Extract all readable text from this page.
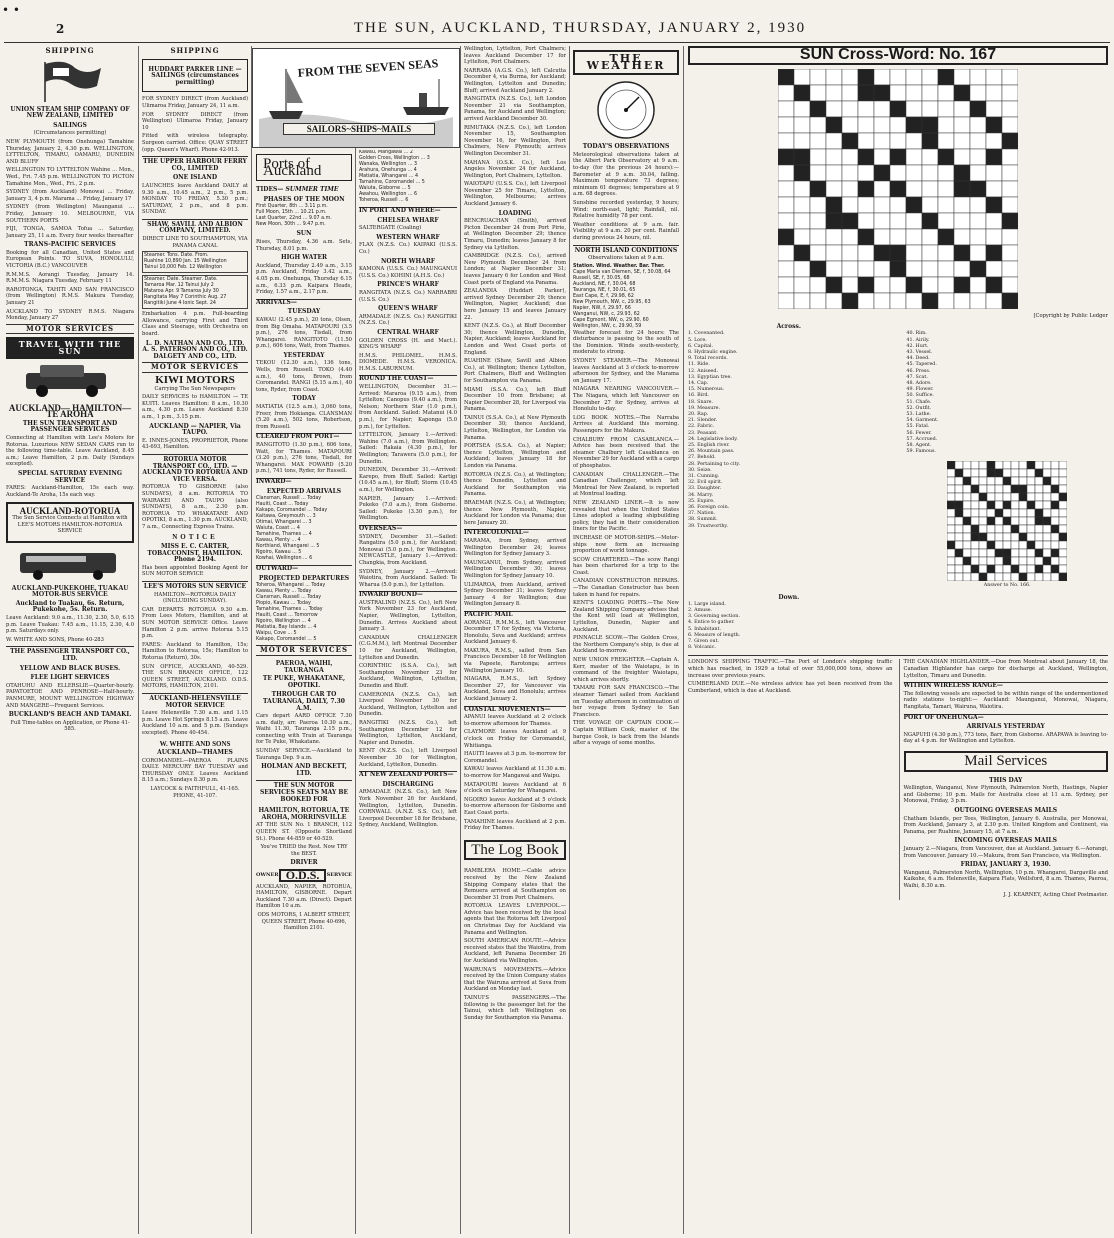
• •
2	THE SUN, AUCKLAND, THURSDAY, JANUARY 2, 1930
SHIPPING
UNION STEAM SHIP COMPANY OF NEW ZEALAND, LIMITED
SAILINGS
(Circumstances permitting)
NEW PLYMOUTH (from Onehunga) Tamahine Thursday, January 2, 4.30 p.m. WELLINGTON, LYTTELTON, TIMARU, OAMARU, DUNEDIN AND BLUFF
WELLINGTON TO LYTTELTON Wahine ... Mon., Wed., Fri. 7.45 p.m. WELLINGTON TO PICTON Tamahine Mon., Wed., Fri., 2 p.m.
SYDNEY (from Auckland) Monowai ... Friday, January 3, 4 p.m. Marama ... Friday, January 17
SYDNEY (from Wellington) Maunganui ... Friday, January 10. MELBOURNE, VIA SOUTHERN PORTS
FIJI, TONGA, SAMOA Tofua ... Saturday, January 25, 11 a.m. Every four weeks thereafter
TRANS-PACIFIC SERVICES
Booking for all Canadian, United States and European Points. TO SUVA, HONOLULU, VICTORIA (B.C.) VANCOUVER
R.M.M.S. Aorangi Tuesday, January 14. R.M.M.S. Niagara Tuesday, February 11
RAROTONGA, TAHITI AND SAN FRANCISCO (from Wellington) R.M.S. Makura Tuesday, January 21
AUCKLAND TO SYDNEY R.M.S. Niagara Monday, January 27
MOTOR SERVICES
TRAVEL WITH THE SUN
AUCKLAND— HAMILTON— TE AROHA
THE SUN TRANSPORT AND PASSENGER SERVICES
Connecting at Hamilton with Lee's Motors for Rotorua. Luxurious NEW SEDAN CARS run to the following time-table. Leave Auckland, 8.45 a.m.; Leave Hamilton, 2 p.m. Daily (Sundays excepted).
SPECIAL SATURDAY EVENING SERVICE
FARES: Auckland-Hamilton, 15s each way. Auckland-Te Aroha, 15s each way.
AUCKLAND-ROTORUA
The Sun Service Connects at Hamilton with LEE'S MOTORS HAMILTON-ROTORUA SERVICE
AUCKLAND-PUKEKOHE, TUAKAU MOTOR-BUS SERVICE
Auckland to Tuakau, 6s. Return, Pukekohe, 5s. Return.
Leave Auckland: 9.0 a.m., 11.30, 2.30, 5.0, 6.15 p.m. Leave Tuakau: 7.45 a.m., 11.15, 2.30, 4.0 p.m. Saturdays only.
W. WHITE AND SONS, Phone 40-283
THE PASSENGER TRANSPORT CO., LTD.
YELLOW AND BLACK BUSES.
FLEE LIGHT SERVICES
OTAHUHU AND ELLERSLIE—Quarter-hourly. PAPATOETOE AND PENROSE—Half-hourly. PANMURE, MOUNT WELLINGTON HIGHWAY AND MANGERE—Frequent Services.
BUCKLAND'S BEACH AND TAMAKI.
Full Time-tables on Application, or Phone 41-585.
SHIPPING
HUDDART PARKER LINE — SAILINGS (circumstances permitting)
FOR SYDNEY DIRECT (from Auckland) Ulimaroa Friday, January 24, 11 a.m.
FOR SYDNEY DIRECT (from Wellington) Ulimaroa Friday, January 10
Fitted with wireless telegraphy. Surgeon carried. Office: QUAY STREET (opp. Queen's Wharf). Phone 42-913.
THE UPPER HARBOUR FERRY CO., LIMITED
ONE ISLAND
LAUNCHES leave Auckland DAILY at 9.30 a.m., 10.45 a.m., 2 p.m., 5 p.m. MONDAY TO FRIDAY, 5.30 p.m.; SATURDAY, 2 p.m., and 8 p.m. SUNDAY.
SHAW, SAVILL AND ALBION COMPANY, LIMITED.
DIRECT LINE TO SOUTHAMPTON, VIA PANAMA CANAL
Steamer. Tons. Date. From.
Ruahine 10,890 Jan. 15 Wellington
Tainui 10,000 Feb. 12 Wellington
Steamer. Date. Steamer. Date.
Tamaroa Mar. 12 Tainui July 2
Mataroa Apr. 9 Tamaroa July 30
Rangitata May 7 Corinthic Aug. 27
Rangitiki June 4 Ionic Sept. 24
Embarkation 4 p.m. Full-boarding Allowance, carrying First and Third Class and Steerage, with Orchestra on board.
L. D. NATHAN AND CO., LTD. A. S. PATERSON AND CO., LTD. DALGETY AND CO., LTD.
MOTOR SERVICES
KIWI MOTORS
Carrying The Sun Newspapers
DAILY SERVICES to HAMILTON — TE KUITI. Leaves Hamilton: 8 a.m., 10.30 a.m., 4.30 p.m. Leave Auckland 8.30 a.m., 1 p.m., 3.15 p.m.
AUCKLAND — NAPIER, Via TAUPO.
E. INNES-JONES, PROPRIETOR, Phone 43-693, Hamilton.
ROTORUA MOTOR TRANSPORT CO., LTD. — AUCKLAND TO ROTORUA AND VICE VERSA.
ROTORUA TO GISBORNE (also SUNDAYS), 8 a.m. ROTORUA TO WAIRAKEI AND TAUPO (also SUNDAYS), 8 a.m., 2.30 p.m. ROTORUA TO WHAKATANE AND OPOTIKI, 8 a.m., 1.30 p.m. AUCKLAND, 7 a.m., Connecting Express Trains.
NOTICE
MISS E. C. CARTER, TOBACCONIST, HAMILTON. Phone 2194.
Has been appointed Booking Agent for SUN MOTOR SERVICE
LEE'S MOTORS SUN SERVICE
HAMILTON—ROTORUA DAILY (INCLUDING SUNDAY).
CAR DEPARTS ROTORUA 9.30 a.m. From Lees Motors, Hamilton, and at SUN MOTOR SERVICE Office. Leave Hamilton 2 p.m. arrive Rotorua 5.15 p.m.
FARES: Auckland to Hamilton, 15s; Hamilton to Rotorua, 15s; Hamilton to Rotorua (Return), 30s.
SUN OFFICE, AUCKLAND, 40-529. THE SUN BRANCH OFFICE, 122 QUEEN STREET, AUCKLAND. O.D.S. MOTORS, HAMILTON, 2101.
AUCKLAND-HELENSVILLE MOTOR SERVICE
Leave Helensville 7.30 a.m. and 1.15 p.m. Leave Hot Springs 8.15 a.m. Leave Auckland 10 a.m. and 5 p.m. (Sundays excepted). Phone 40-454.
W. WHITE AND SONS
AUCKLAND—THAMES
COROMANDEL—PAEROA PLAINS DAILY. MERCURY BAY TUESDAY and THURSDAY ONLY. Leaves Auckland 8.15 a.m.; Sundays 8.30 p.m.
LAYCOCK & FAITHFULL, 41-165. PHONE, 41-107.
FROM THE SEVEN SEAS
SAILORS~SHIPS~MAILS
Ports of Auckland
TIDES— SUMMER TIME
PHASES OF THE MOON
First Quarter, 8th ... 3.11 p.m.
Full Moon, 15th ... 10.21 p.m.
Last Quarter, 22nd ... 9.07 a.m.
New Moon, 30th ... 9.47 p.m.
SUN
Rises, Thursday, 4.36 a.m. Sets, Thursday, 8.01 p.m.
HIGH WATER
Auckland, Thursday 2.49 a.m., 3.15 p.m. Auckland, Friday 3.42 a.m., 4.05 p.m. Onehunga, Thursday 6.15 a.m., 6.33 p.m. Kaipara Heads, Friday, 1.57 a.m., 2.17 p.m.
ARRIVALS—
TUESDAY
KAWAU (2.45 p.m.), 20 tons, Olsen, from Big Omaha. MATAPOURI (3.5 p.m.), 276 tons, Tisdall, from Whangarei. RANGITOTO (11.50 p.m.), 606 tons, Watt, from Thames.
YESTERDAY
TEKOU (12.30 a.m.), 136 tons, Wells, from Russell. TOKO (4.40 a.m.), 40 tons, Brown, from Coromandel. RANGI (5.15 a.m.), 40 tons, Ryder, from Coast.
TODAY
MATIATIA (12.5 a.m.), 3,060 tons, Freer, from Hokianga. CLANSMAN (5.20 a.m.), 502 tons, Robertson, from Russell.
CLEARED FROM PORT—
RANGITOTO (1.30 p.m.), 606 tons, Watt, for Thames. MATAPOURI (3.20 p.m.), 276 tons, Tisdall, for Whangarei. MAX FOWARD (5.20 p.m.), 741 tons, Ryder, for Russell.
INWARD—
EXPECTED ARRIVALS
Clansman, Russell ... Today
Hauiti, Coast ... Today
Kakapo, Coromandel ... Today
Kaitawa, Greymouth ... 3
Otimai, Whangarei ... 3
Waiuta, Coast ... 4
Tamahine, Thames ... 4
Kawau, Plenty ... 4
Northland, Whangarei ... 5
Ngoiro, Kawau ... 5
Kowhai, Wellington ... 6
OUTWARD—
PROJECTED DEPARTURES
Toheroa, Whangarei ... Today
Kawau, Plenty ... Today
Clansman, Russell ... Today
Piopio, Kawau ... Today
Tamahine, Thames ... Today
Hauiti, Coast ... Tomorrow
Ngoiro, Wellington ... 4
Matiatia, Bay Islands ... 4
Waipu, Cove ... 5
Kakapo, Coromandel ... 5
MOTOR SERVICES
PAEROA, WAIHI, TAURANGA
TE PUKE, WHAKATANE, OPOTIKI.
THROUGH CAR TO TAURANGA, DAILY, 7.30 A.M.
Cars depart AARD OFFICE 7.30 a.m. daily, arr. Paeroa 10.30 a.m., Waihi 11.30, Tauranga 2.15 p.m., connecting with Train at Tauranga for Te Puke, Whakatane.
SUNDAY SERVICE.—Auckland to Tauranga Dep. 9 a.m.
HOLMAN AND BECKETT, LTD.
THE SUN MOTOR SERVICES SEATS MAY BE BOOKED FOR
HAMILTON, ROTORUA, TE AROHA, MORRINSVILLE
AT THE SUN No. 1 BRANCH, 112 QUEEN ST. (Opposite Shortland St.). Phone 44-859 or 40-529.
You've TRIED the Rest. Now TRY the BEST.
DRIVER
OWNER O.D.S.	SERVICE
AUCKLAND, NAPIER, ROTORUA, HAMILTON, GISBORNE. Depart Auckland 7.30 a.m. (Direct). Depart Hamilton 10 a.m.
ODS MOTORS, 1 ALBERT STREET, QUEEN STREET, Phone 40-696, Hamilton 2101.
Kawau, Mangawai ... 2
Golden Cross, Wellington ... 3
Wanaka, Wellington ... 3
Arahura, Onehunga ... 4
Matiatia, Whangarei ... 4
Tamahine, Coromandel ... 5
Waiuta, Gisborne ... 5
Awahou, Wellington ... 6
Toheroa, Russell ... 6
IN PORT AND WHERE—
CHELSEA WHARF
SALTERGATE (Coaling)
WESTERN WHARF
FLAX (N.Z.S. Co.) KAIPAKI (U.S.S. Co.)
NORTH WHARF
KAMONA (U.S.S. Co.) MAUNGANUI (U.S.S. Co.) KOHINI (A.H.S. Co.)
PRINCE'S WHARF
RANGITATA (N.Z.S. Co.) NARRABRI (U.S.S. Co.)
QUEEN'S WHARF
ARMADALE (N.Z.S. Co.) RANGITIKI (N.Z.S. Co.)
CENTRAL WHARF
GOLDEN CROSS (H. and Mact.). KING'S WHARF
H.M.S. PHILOMEL. H.M.S. DIOMEDE. H.M.S. VERONICA. H.M.S. LABURNUM.
ROUND THE COAST—
WELLINGTON, December 31.—Arrived: Mararoa (9.15 a.m.), from Lyttelton; Canopus (9.40 a.m.), from Nelson; Northern Star (1.0 p.m.), from Auckland. Sailed: Matanui (4.0 p.m.), for Napier; Kaponga (5.0 p.m.), for Lyttelton.
LYTTELTON, January 1.—Arrived: Wahine (7.0 a.m.), from Wellington. Sailed: Rakaia (4.30 p.m.), for Wellington; Tarawera (5.0 p.m.), for Dunedin.
DUNEDIN, December 31.—Arrived: Karepo, from Bluff. Sailed: Kartigi (10.45 a.m.), for Bluff; Storm (10.45 a.m.), for Wellington.
NAPIER, January 1.—Arrived: Pukeko (7.0 a.m.), from Gisborne. Sailed: Pukeko (3.30 p.m.), for Wellington.
OVERSEAS—
SYDNEY, December 31.—Sailed: Rangatira (5.0 p.m.), for Auckland; Monowai (5.0 p.m.), for Wellington. NEWCASTLE, January 1.—Arrived: Changkia, from Auckland.
SYDNEY, January 2.—Arrived: Waiotira, from Auckland. Sailed: Te Wharua (5.0 p.m.), for Lyttelton.
INWARD BOUND—
AUSTRALIND (N.Z.S. Co.), left New York November 23 for Auckland, Napier, Wellington, Lyttelton, Dunedin. Arrives Auckland about January 3.
CANADIAN CHALLENGER (C.G.M.M.), left Montreal December 10 for Auckland, Wellington, Lyttelton and Dunedin.
CORINTHIC (S.S.A. Co.), left Southampton November 23 for Auckland, Wellington, Lyttelton, Dunedin and Bluff.
CAMERONIA (N.Z.S. Co.), left Liverpool November 30 for Auckland, Wellington, Lyttelton and Dunedin.
RANGITIKI (N.Z.S. Co.), left Southampton December 12 for Wellington, Lyttelton, Auckland, Napier and Dunedin.
KENT (N.Z.S. Co.), left Liverpool November 30 for Wellington, Auckland, Lyttelton, Dunedin.
AT NEW ZEALAND PORTS—
DISCHARGING
ARMADALE (N.Z.S. Co.), left New York November 26 for Auckland, Wellington, Lyttelton, Dunedin. CORNWALL (A.N.Z. S.S. Co.), left Liverpool December 18 for Brisbane, Sydney, Auckland, Wellington.
Wellington, Lyttelton, Port Chalmers; leaves Auckland December 17 for Lyttelton, Port Chalmers.
NARRABA (A.G.S. Co.), left Calcutta December 4, via Burma, for Auckland; Wellington, Lyttelton and Dunedin; Bluff; arrived Auckland January 2.
RANGITATA (N.Z.S. Co.), left London November 21 via Southampton, Panama, for Auckland and Wellington; arrived Auckland December 30.
RIMUTAKA (N.Z.S. Co.), left London November 15, Southampton November 16, for Wellington, Port Chalmers, New Plymouth; arrives Wellington December 31.
MAHANA (O.S.K. Co.), left Los Angeles November 24 for Auckland, Wellington, Port Chalmers, Lyttelton.
WAIOTAPU (U.S.S. Co.), left Liverpool November 25 for Timaru, Lyttelton, Wellington, Melbourne; arrives Auckland January 6.
LOADING
BENCRUACHAN (Smith), arrived Picton December 24 from Port Pirie, at Wellington December 29; thence Timaru, Dunedin; leaves January 8 for Sydney via Lyttelton.
CAMBRIDGE (N.Z.S. Co.), arrived New Plymouth December 24 from London; at Napier December 31; leaves January 6 for London and West Coast ports of England via Panama.
ZEALANDIA (Huddart Parker), arrived Sydney December 29; thence Wellington, Napier, Auckland; due here January 15 and leaves January 22.
KENT (N.Z.S. Co.), at Bluff December 30; thence Wellington, Dunedin, Napier, Auckland; leaves Auckland for London and West Coast ports of England.
RUAHINE (Shaw, Savill and Albion Co.), at Wellington; thence Lyttelton, Port Chalmers, Bluff and Wellington for Southampton via Panama.
MIAMI (S.S.A. Co.), left Bluff December 10 from Brisbane; at Napier December 28, for Liverpool via Panama.
TAINUI (S.S.A. Co.), at New Plymouth December 30; thence Auckland, Lyttelton, Wellington, for London via Panama.
PORTSEA (S.S.A. Co.), at Napier; thence Lyttelton, Wellington and Auckland; leaves January 18 for London via Panama.
ROTORUA (N.Z.S. Co.), at Wellington; thence Dunedin, Lyttelton and Auckland for Southampton via Panama.
BRAEMAR (N.Z.S. Co.), at Wellington; thence New Plymouth, Napier, Auckland for London via Panama; due here January 20.
INTERCOLONIAL—
MARAMA, from Sydney, arrived Wellington December 24; leaves Wellington for Sydney January 3.
MAUNGANUI, from Sydney, arrived Wellington December 30; leaves Wellington for Sydney January 10.
ULIMAROA, from Auckland, arrived Sydney December 31; leaves Sydney January 4 for Wellington; due Wellington January 8.
PACIFIC MAIL
AORANGI, R.M.M.S., left Vancouver December 17 for Sydney, via Victoria, Honolulu, Suva and Auckland; arrives Auckland January 6.
MAKURA, R.M.S., sailed from San Francisco December 18 for Wellington via Papeete, Rarotonga; arrives Wellington January 10.
NIAGARA, R.M.S., left Sydney December 27, for Vancouver via Auckland, Suva and Honolulu; arrives Auckland January 2.
COASTAL MOVEMENTS—
APANUI leaves Auckland at 2 o'clock to-morrow afternoon for Thames.
CLAYMORE leaves Auckland at 9 o'clock on Friday for Coromandel, Whitianga.
HAUITI leaves at 3 p.m. to-morrow for Coromandel.
KAWAU leaves Auckland at 11.30 a.m. to-morrow for Mangawai and Waipu.
MATAPOURI leaves Auckland at 6 o'clock on Saturday for Whangarei.
NGOIRO leaves Auckland at 5 o'clock to-morrow afternoon for Gisborne and East Coast ports.
TAMAHINE leaves Auckland at 2 p.m. Friday for Thames.
The Log Book
RAMBLERA HOME.—Cable advice received by the New Zealand Shipping Company states that the Remuera arrived at Southampton on December 31 from Port Chalmers.
ROTORUA LEAVES LIVERPOOL.—Advice has been received by the local agents that the Rotorua left Liverpool on Christmas Day for Auckland via Panama and Wellington.
SOUTH AMERICAN ROUTE.—Advice received states that the Waiotira, from Auckland, left Panama December 26 for Auckland via Wellington.
WAIRUNA'S MOVEMENTS.—Advice received by the Union Company states that the Wairuna arrived at Suva from Auckland on Monday last.
TAINUI'S PASSENGERS.—The following is the passenger list for the Tainui, which left Wellington on Sunday for Southampton via Panama.
THE WEATHER
TODAY'S OBSERVATIONS
Meteorological observations taken at the Albert Park Observatory at 9 a.m. to-day (for the previous 24 hours):—Barometer at 9 a.m. 30.04, falling. Maximum temperature 73 degrees; minimum 61 degrees; temperature at 9 a.m. 68 degrees.
Sunshine recorded yesterday, 9 hours; Wind: north-east, light; Rainfall, nil. Relative humidity 78 per cent.
Weather conditions at 9 a.m. fair. Visibility at 9 a.m. 20 per cent. Rainfall during previous 24 hours, nil.
NORTH ISLAND CONDITIONS
Observations taken at 9 a.m.
Station. Wind. Weather. Bar. Ther.
Cape Maria van Diemen, SE, f, 30.08, 64
Russell, SE, f, 30.05, 68
Auckland, NE, f, 30.04, 68
Tauranga, NE, f, 30.01, 65
East Cape, E, f, 29.98, 62
New Plymouth, NW, c, 29.95, 63
Napier, NW, f, 29.97, 66
Wanganui, NW, c, 29.93, 62
Cape Egmont, NW, o, 29.90, 60
Wellington, NW, c, 29.90, 59
Weather forecast for 24 hours: The disturbance is passing to the south of the Dominion. Winds south-westerly, moderate to strong.
SYDNEY STEAMER.—The Monowai leaves Auckland at 3 o'clock to-morrow afternoon for Sydney, and the Marama on January 17.
NIAGARA NEARING VANCOUVER.—The Niagara, which left Vancouver on December 27 for Sydney, arrives at Honolulu to-day.
LOG BOOK NOTES.—The Narraba Arrives at Auckland this morning. Passengers for the Makura.
CHALBURY FROM CASABLANCA.—Advice has been received that the steamer Chalbury left Casablanca on November 29 for Auckland with a cargo of phosphates.
CANADIAN CHALLENGER.—The Canadian Challenger, which left Montreal for New Zealand, is reported at Montreal loading.
NEW ZEALAND LINER.—It is now revealed that when the United States Lines adopted a leading shipbuilding policy, they had in their consideration liners for the Pacific.
INCREASE OF MOTOR-SHIPS.—Motor-ships now form an increasing proportion of world tonnage.
SCOW CHARTERED.—The scow Rangi has been chartered for a trip to the Coast.
CANADIAN CONSTRUCTOR REPAIRS.—The Canadian Constructor has been taken in hand for repairs.
KENT'S LOADING PORTS.—The New Zealand Shipping Company advises that the Kent will load at Wellington, Lyttelton, Dunedin, Napier and Auckland.
PINNACLE SCOW.—The Golden Cross, the Northern Company's ship, is due at Auckland to-morrow.
NEW UNION FREIGHTER.—Captain A. Kerr, master of the Waiotapu, is in command of the freighter Waiotapu, which arrives shortly.
TAMARI FOR SAN FRANCISCO.—The steamer Tamari sailed from Auckland on Tuesday afternoon in continuation of her voyage from Sydney to San Francisco.
THE VOYAGE OF CAPTAIN COOK.—Captain William Cook, master of the barque Cook, is back from the Islands after a voyage of some months.
SUN Cross-Word: No. 167
[Copyright by Public Ledger
Across.
1. Covenanted.
5. Lore.
6. Capital.
8. Hydraulic engine.
9. Total records.
11. Ride.
12. Aniseed.
13. Egyptian tree.
14. Cap.
15. Numerous.
16. Bird.
18. Snare.
19. Measure.
20. Rap.
21. Slender.
22. Fabric.
23. Peasant.
24. Legislative body.
25. English river.
26. Mountain pass.
27. Behold.
28. Pertaining to city.
30. Seize.
31. Cunning.
32. Evil spirit.
33. Daughter.
34. Marry.
35. Expire.
36. Foreign coin.
37. Nation.
38. Summit.
39. Trustworthy.

40. Rim.
41. Airily.
42. Hurt.
43. Vessel.
44. Deed.
45. Tapered.
46. Press.
47. Scat.
48. Adore.
49. Flower.
50. Suffice.
51. Chafe.
52. Outfit.
53. Lathe.
54. Garment.
55. Fatal.
56. Fewer.
57. Accrued.
58. Agent.
59. Famous.
Answer to No. 166.

Down.
1. Large island.
2. Amuse.
3. Governing section.
4. Entice to gather.
5. Inhabitant.
6. Measure of length.
7. Given out.
8. Volcanic.
LONDON'S SHIPPING TRAFFIC.—The Port of London's shipping traffic which has reached, in 1929 a total of over 55,000,000 tons, shows an increase over previous years.
CUMBERLAND DUE.—No wireless advice has yet been received from the Cumberland, which is due at Auckland.
THE CANADIAN HIGHLANDER.—Due from Montreal about January 18, the Canadian Highlander has cargo for discharge at Auckland, Wellington, Lyttelton, Timaru and Dunedin.
WITHIN WIRELESS RANGE—
The following vessels are expected to be within range of the undermentioned radio stations to-night:— Auckland: Maunganui, Monowai, Niagara, Rangitata, Tamari, Wairuna, Waiotira.
PORT OF ONEHUNGA—
ARRIVALS YESTERDAY
NGAPUHI (4.30 p.m.), 773 tons, Barr, from Gisborne. ARAPAWA is leaving to-day at 4 p.m. for Wellington and Lyttelton.
Mail Services
THIS DAY
Wellington, Wanganui, New Plymouth, Palmerston North, Hastings, Napier and Gisborne; 10 p.m. Mails for Australia close at 11 a.m. Sydney, per Monowai, Friday, 3 p.m.
OUTGOING OVERSEAS MAILS
Chatham Islands, per Tees, Wellington, January 6. Australia, per Monowai, from Auckland, January 3, at 2.30 p.m. United Kingdom and Continent, via Panama, per Ruahine, January 15, at 7 a.m.
INCOMING OVERSEAS MAILS
January 2.—Niagara, from Vancouver, due at Auckland. January 6.—Aorangi, from Vancouver. January 10.—Makura, from San Francisco, via Wellington.
FRIDAY, JANUARY 3, 1930.
Wanganui, Palmerston North, Wellington, 10 p.m. Whangarei, Dargaville and Kaikohe, 6 a.m. Helensville, Kaipara Flats, Wellsford, 8 a.m. Thames, Paeroa, Waihi, 8.30 a.m.
J. J. KEARNEY, Acting Chief Postmaster.
